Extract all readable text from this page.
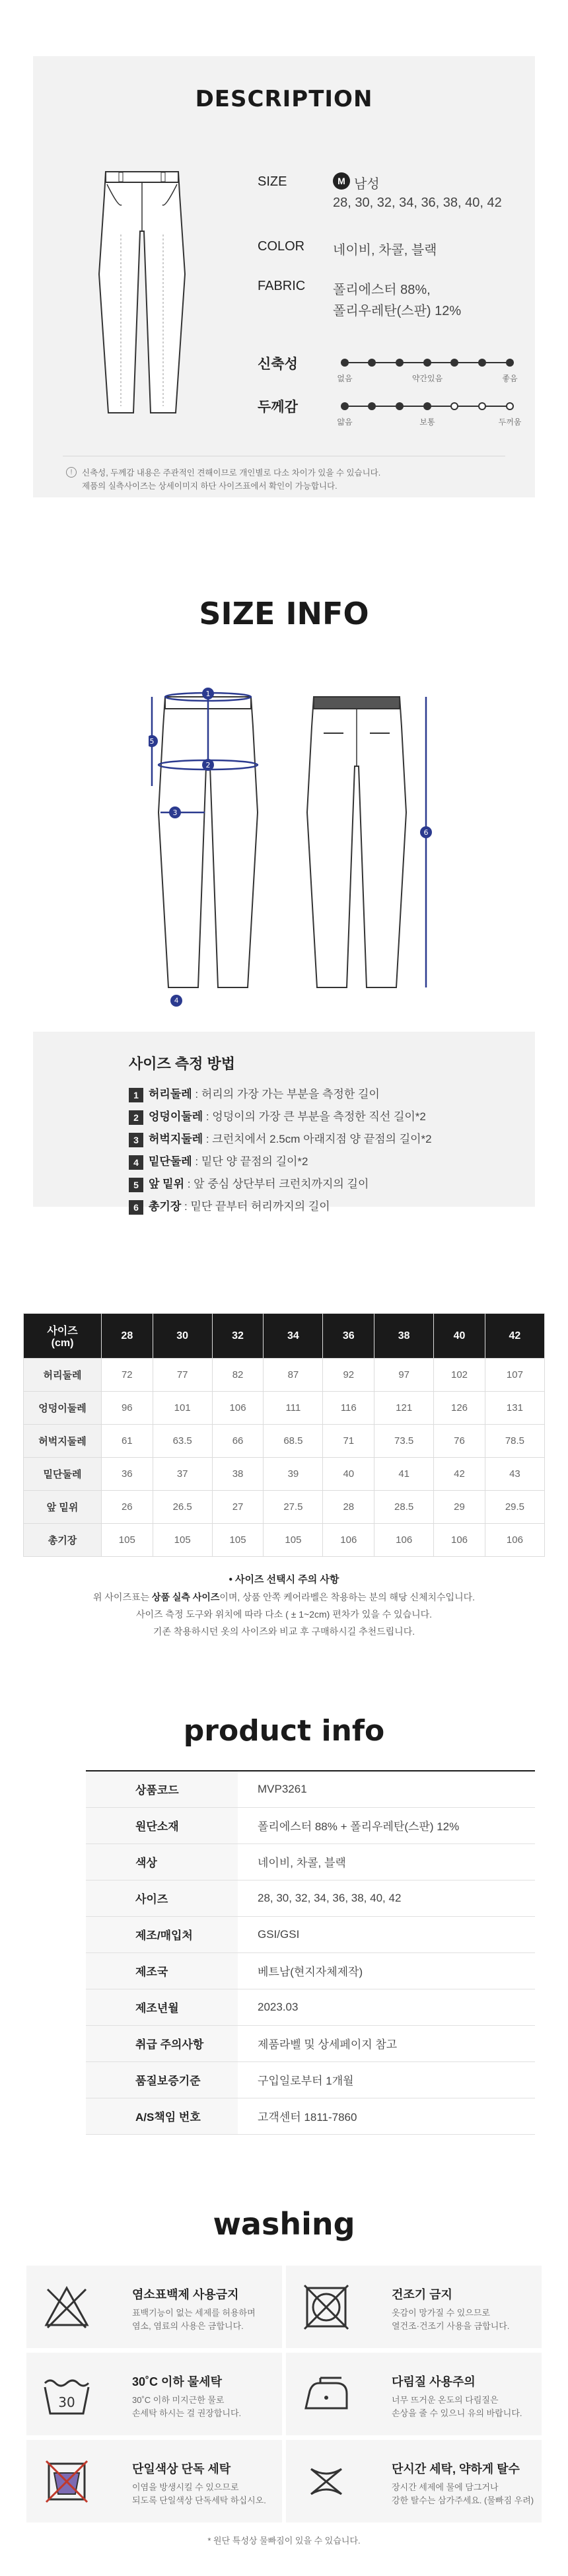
DESCRIPTION
SIZE	M 남성
28, 30, 32, 34, 36, 38, 40, 42
COLOR 네이비, 차콜, 블랙
FABRIC 폴리에스터 88%,
폴리우레탄(스판) 12%
신축성
없음	약간있음	좋음
두께감
얇음	보통	두꺼움
!	신축성, 두께감 내용은 주관적인 견해이므로 개인별로 다소 차이가 있을 수 있습니다.
제품의 실측사이즈는 상세이미지 하단 사이즈표에서 확인이 가능합니다.
SIZE INFO
1
2
3
5
4
6
사이즈 측정 방법
1 허리둘레 : 허리의 가장 가는 부분을 측정한 길이
2 엉덩이둘레 : 엉덩이의 가장 큰 부분을 측정한 직선 길이*2
3 허벅지둘레 : 크런치에서 2.5cm 아래지점 양 끝점의 길이*2
4 밑단둘레 : 밑단 양 끝점의 길이*2
5 앞 밑위 : 앞 중심 상단부터 크런치까지의 길이
6 총기장 : 밑단 끝부터 허리까지의 길이
사이즈
(cm)	28	30	32	34	36	38	40	42
허리둘레	72	77	82	87	92	97	102	107
엉덩이둘레	96	101	106	111	116	121	126	131
허벅지둘레	61	63.5	66	68.5	71	73.5	76	78.5
밑단둘레	36	37	38	39	40	41	42	43
앞 밑위	26	26.5	27	27.5	28	28.5	29	29.5
총기장	105	105	105	105	106	106	106	106
• 사이즈 선택시 주의 사항
위 사이즈표는 상품 실측 사이즈이며, 상품 안쪽 케어라벨은 착용하는 분의 해당 신체치수입니다.
사이즈 측정 도구와 위치에 따라 다소 ( ± 1~2cm) 편차가 있을 수 있습니다.
기존 착용하시던 옷의 사이즈와 비교 후 구매하시길 추천드립니다.
product info
상품코드	MVP3261
원단소재	폴리에스터 88% + 폴리우레탄(스판) 12%
색상	네이비, 차콜, 블랙
사이즈	28, 30, 32, 34, 36, 38, 40, 42
제조/매입처	GSI/GSI
제조국	베트남(현지자체제작)
제조년월	2023.03
취급 주의사항	제품라벨 및 상세페이지 참고
품질보증기준	구입일로부터 1개월
A/S책임 번호	고객센터 1811-7860
washing
염소표백제 사용금지
표백기능이 없는 세제를 허용하며
염소, 염료의 사용은 금합니다.
건조기 금지
옷감이 망가질 수 있으므로
열건조·건조기 사용을 금합니다.
30
30˚C 이하 물세탁
30˚C 이하 미지근한 물로
손세탁 하시는 걸 권장합니다.
다림질 사용주의
너무 뜨거운 온도의 다림질은
손상을 줄 수 있으니 유의 바랍니다.
단일색상 단독 세탁
이염을 방생시킬 수 있으므로
되도록 단일색상 단독세탁 하십시오.
단시간 세탁, 약하게 탈수
장시간 세제에 물에 담그거나
강한 탈수는 삼가주세요. (물빠짐 우려)
* 원단 특성상 물빠짐이 있을 수 있습니다.
